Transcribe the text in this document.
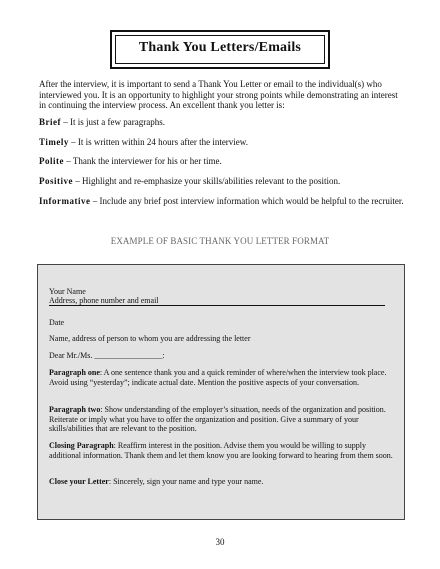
Thank You Letters/Emails

After the interview, it is important to send a Thank You Letter or email to the individual(s) who interviewed you. It is an opportunity to highlight your strong points while demonstrating an interest in continuing the interview process. An excellent thank you letter is:

Brief – It is just a few paragraphs.

Timely – It is written within 24 hours after the interview.

Polite – Thank the interviewer for his or her time.

Positive – Highlight and re-emphasize your skills/abilities relevant to the position.

Informative – Include any brief post interview information which would be helpful to the recruiter.

EXAMPLE OF BASIC THANK YOU LETTER FORMAT

Your Name

Address, phone number and email

Date

Name, address of person to whom you are addressing the letter

Dear Mr./Ms. _________________:

Paragraph one: A one sentence thank you and a quick reminder of where/when the interview took place. Avoid using “yesterday”; indicate actual date. Mention the positive aspects of your conversation.

Paragraph two: Show understanding of the employer’s situation, needs of the organization and position. Reiterate or imply what you have to offer the organization and position. Give a summary of your skills/abilities that are relevant to the position.

Closing Paragraph: Reaffirm interest in the position. Advise them you would be willing to supply additional information. Thank them and let them know you are looking forward to hearing from them soon.

Close your Letter: Sincerely, sign your name and type your name.

30
